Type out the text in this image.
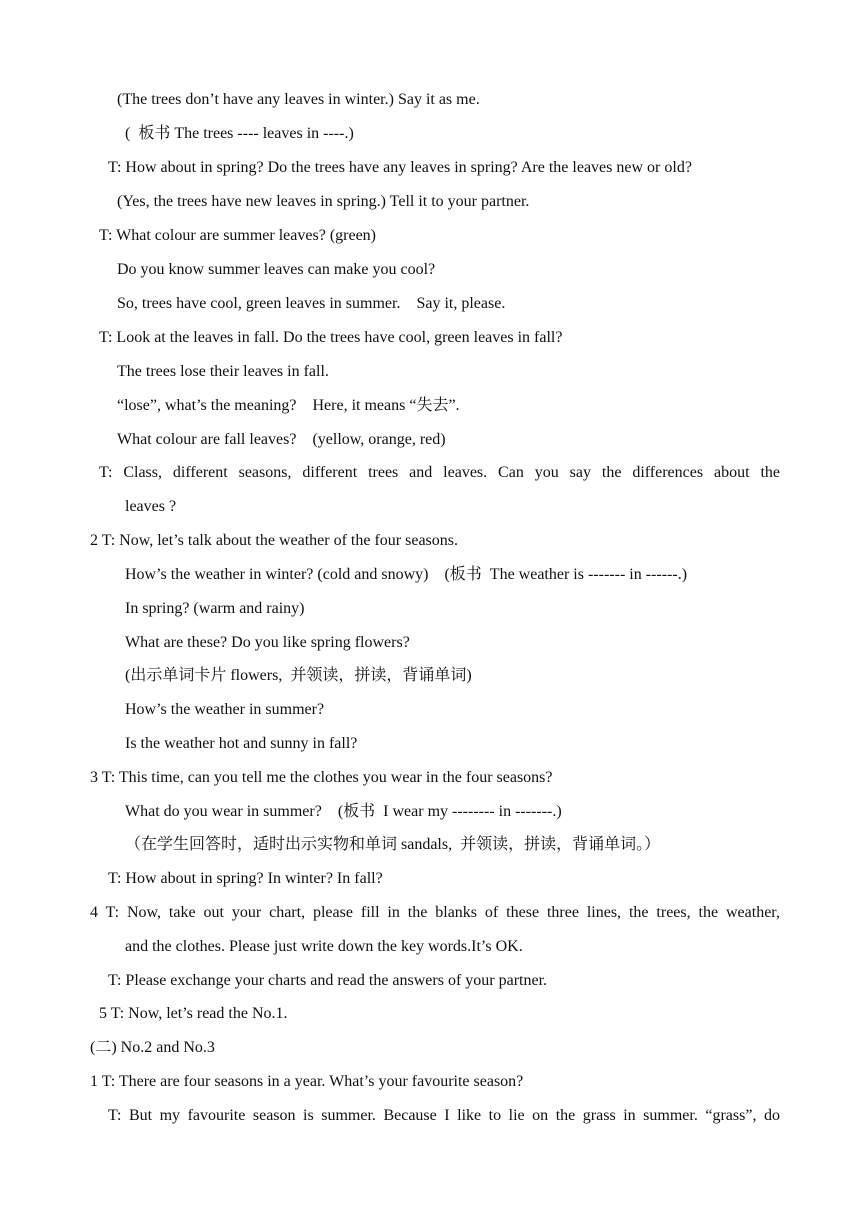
(The trees don’t have any leaves in winter.) Say it as me.
(  板书 The trees ---- leaves in ----.)
T: How about in spring? Do the trees have any leaves in spring? Are the leaves new or old?
(Yes, the trees have new leaves in spring.) Tell it to your partner.
T: What colour are summer leaves? (green)
Do you know summer leaves can make you cool?
So, trees have cool, green leaves in summer.    Say it, please.
T: Look at the leaves in fall. Do the trees have cool, green leaves in fall?
The trees lose their leaves in fall.
“lose”, what’s the meaning?    Here, it means “失去”.
What colour are fall leaves?    (yellow, orange, red)
T: Class, different seasons, different trees and leaves. Can you say the differences about the
leaves ?
2 T: Now, let’s talk about the weather of the four seasons.
How’s the weather in winter? (cold and snowy)    (板书  The weather is ------- in ------.)
In spring? (warm and rainy)
What are these? Do you like spring flowers?
(出示单词卡片 flowers,  并领读，拼读，背诵单词)
How’s the weather in summer?
Is the weather hot and sunny in fall?
3 T: This time, can you tell me the clothes you wear in the four seasons?
What do you wear in summer?    (板书  I wear my -------- in -------.)
（在学生回答时，适时出示实物和单词 sandals,  并领读，拼读，背诵单词。）
T: How about in spring? In winter? In fall?
4 T: Now, take out your chart, please fill in the blanks of these three lines, the trees, the weather,
and the clothes. Please just write down the key words.It’s OK.
T: Please exchange your charts and read the answers of your partner.
5 T: Now, let’s read the No.1.
(二) No.2 and No.3
1 T: There are four seasons in a year. What’s your favourite season?
T: But my favourite season is summer. Because I like to lie on the grass in summer. “grass”, do
